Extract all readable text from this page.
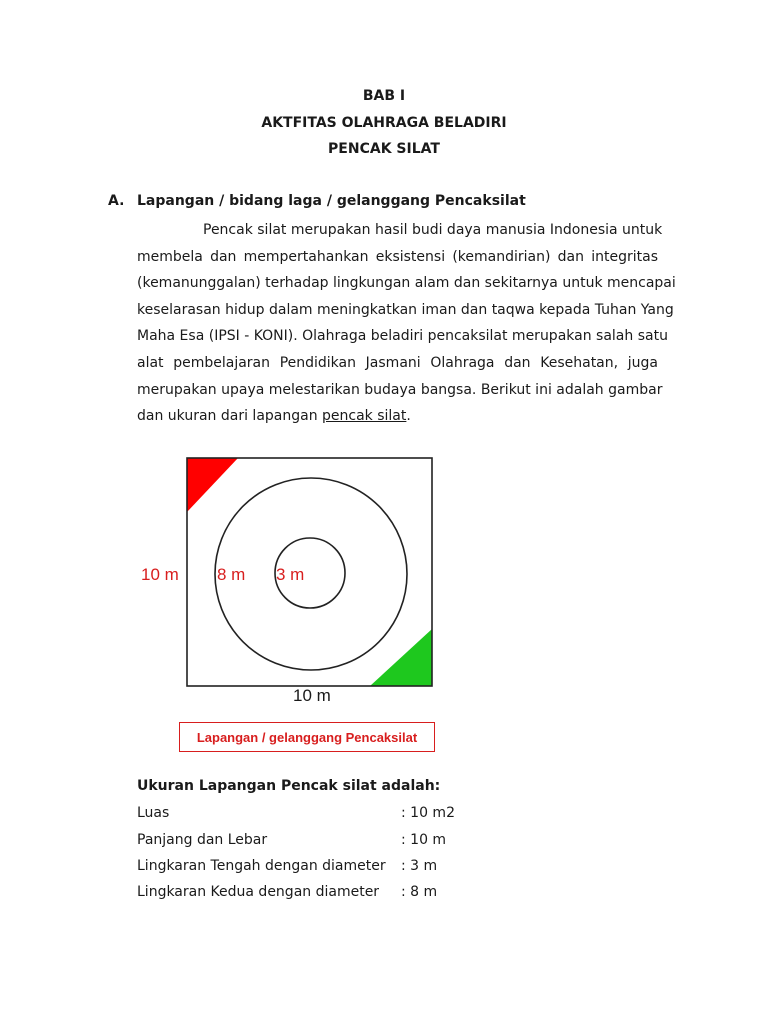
BAB I
AKTFITAS OLAHRAGA BELADIRI
PENCAK SILAT
A. Lapangan / bidang laga / gelanggang Pencaksilat
Pencak silat merupakan hasil budi daya manusia Indonesia untuk
membela dan mempertahankan eksistensi (kemandirian) dan integritas
(kemanunggalan) terhadap lingkungan alam dan sekitarnya untuk mencapai
keselarasan hidup dalam meningkatkan iman dan taqwa kepada Tuhan Yang
Maha Esa (IPSI - KONI). Olahraga beladiri pencaksilat merupakan salah satu
alat pembelajaran Pendidikan Jasmani Olahraga dan Kesehatan, juga
merupakan upaya melestarikan budaya bangsa. Berikut ini adalah gambar
dan ukuran dari lapangan pencak silat.
10 m 8 m 3 m
10 m
Lapangan / gelanggang Pencaksilat
Ukuran Lapangan Pencak silat adalah:
Luas	: 10 m2
Panjang dan Lebar	: 10 m
Lingkaran Tengah dengan diameter : 3 m
Lingkaran Kedua dengan diameter : 8 m
